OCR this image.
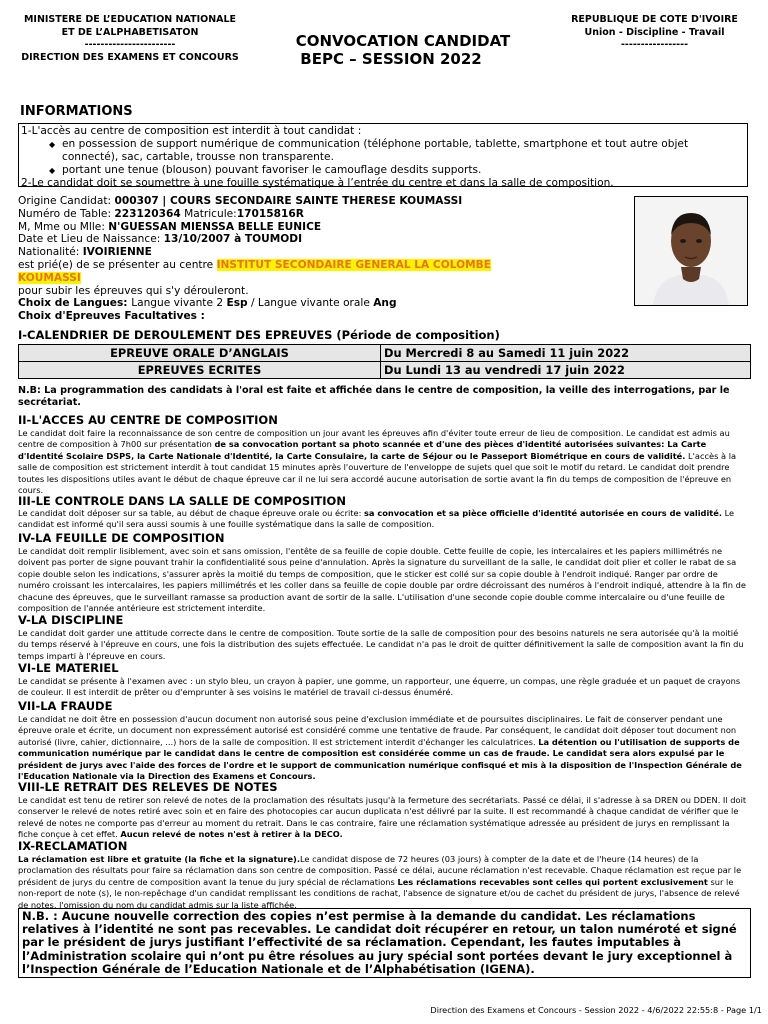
MINISTERE DE L’EDUCATION NATIONALE
ET DE L’ALPHABETISATON
-----------------------
DIRECTION DES EXAMENS ET CONCOURS
CONVOCATION CANDIDAT
BEPC – SESSION 2022
REPUBLIQUE DE COTE D'IVOIRE
Union - Discipline - Travail
-----------------
INFORMATIONS
1-L'accès au centre de composition est interdit à tout candidat :
◆ en possession de support numérique de communication (téléphone portable, tablette, smartphone et tout autre objet connecté), sac, cartable, trousse non transparente.
◆ portant une tenue (blouson) pouvant favoriser le camouflage desdits supports.
2-Le candidat doit se soumettre à une fouille systématique à l’entrée du centre et dans la salle de composition.
Origine Candidat: 000307 | COURS SECONDAIRE SAINTE THERESE KOUMASSI
Numéro de Table: 223120364 Matricule:17015816R
M, Mme ou Mlle: N'GUESSAN MIENSSA BELLE EUNICE
Date et Lieu de Naissance: 13/10/2007 à TOUMODI
Nationalité: IVOIRIENNE
est prié(e) de se présenter au centre INSTITUT SECONDAIRE GENERAL LA COLOMBE
KOUMASSI
pour subir les épreuves qui s'y dérouleront.
Choix de Langues: Langue vivante 2 Esp / Langue vivante orale Ang
Choix d'Epreuves Facultatives :
I-CALENDRIER DE DEROULEMENT DES EPREUVES (Période de composition)
EPREUVE ORALE D’ANGLAIS	Du Mercredi 8 au Samedi 11 juin 2022
EPREUVES ECRITES	Du Lundi 13 au vendredi 17 juin 2022
N.B: La programmation des candidats à l'oral est faite et affichée dans le centre de composition, la veille des interrogations, par le secrétariat.
II-L'ACCES AU CENTRE DE COMPOSITION
Le candidat doit faire la reconnaissance de son centre de composition un jour avant les épreuves afin d'éviter toute erreur de lieu de composition. Le candidat est admis au centre de composition à 7h00 sur présentation de sa convocation portant sa photo scannée et d'une des pièces d'identité autorisées suivantes: La Carte d'Identité Scolaire DSPS, la Carte Nationale d'Identité, la Carte Consulaire, la carte de Séjour ou le Passeport Biométrique en cours de validité. L'accès à la salle de composition est strictement interdit à tout candidat 15 minutes après l'ouverture de l'enveloppe de sujets quel que soit le motif du retard. Le candidat doit prendre toutes les dispositions utiles avant le début de chaque épreuve car il ne lui sera accordé aucune autorisation de sortie avant la fin du temps de composition de l'épreuve en cours.
III-LE CONTROLE DANS LA SALLE DE COMPOSITION
Le candidat doit déposer sur sa table, au début de chaque épreuve orale ou écrite: sa convocation et sa pièce officielle d'identité autorisée en cours de validité. Le candidat est informé qu'il sera aussi soumis à une fouille systématique dans la salle de composition.
IV-LA FEUILLE DE COMPOSITION
Le candidat doit remplir lisiblement, avec soin et sans omission, l'entête de sa feuille de copie double. Cette feuille de copie, les intercalaires et les papiers millimétrés ne doivent pas porter de signe pouvant trahir la confidentialité sous peine d'annulation. Après la signature du surveillant de la salle, le candidat doit plier et coller le rabat de sa copie double selon les indications, s'assurer après la moitié du temps de composition, que le sticker est collé sur sa copie double à l'endroit indiqué. Ranger par ordre de numéro croissant les intercalaires, les papiers millimétrés et les coller dans sa feuille de copie double par ordre décroissant des numéros à l'endroit indiqué, attendre à la fin de chacune des épreuves, que le surveillant ramasse sa production avant de sortir de la salle. L'utilisation d'une seconde copie double comme intercalaire ou d'une feuille de composition de l'année antérieure est strictement interdite.
V-LA DISCIPLINE
Le candidat doit garder une attitude correcte dans le centre de composition. Toute sortie de la salle de composition pour des besoins naturels ne sera autorisée qu'à la moitié du temps réservé à l'épreuve en cours, une fois la distribution des sujets effectuée. Le candidat n'a pas le droit de quitter définitivement la salle de composition avant la fin du temps imparti à l'épreuve en cours.
VI-LE MATERIEL
Le candidat se présente à l'examen avec : un stylo bleu, un crayon à papier, une gomme, un rapporteur, une équerre, un compas, une règle graduée et un paquet de crayons de couleur. Il est interdit de prêter ou d'emprunter à ses voisins le matériel de travail ci-dessus énuméré.
VII-LA FRAUDE
Le candidat ne doit être en possession d'aucun document non autorisé sous peine d'exclusion immédiate et de poursuites disciplinaires. Le fait de conserver pendant une épreuve orale et écrite, un document non expressément autorisé est considéré comme une tentative de fraude. Par conséquent, le candidat doit déposer tout document non autorisé (livre, cahier, dictionnaire, ...) hors de la salle de composition. Il est strictement interdit d'échanger les calculatrices. La détention ou l'utilisation de supports de communication numérique par le candidat dans le centre de composition est considérée comme un cas de fraude. Le candidat sera alors expulsé par le président de jurys avec l'aide des forces de l'ordre et le support de communication numérique confisqué et mis à la disposition de l'Inspection Générale de l'Education Nationale via la Direction des Examens et Concours.
VIII-LE RETRAIT DES RELEVES DE NOTES
Le candidat est tenu de retirer son relevé de notes de la proclamation des résultats jusqu'à la fermeture des secrétariats. Passé ce délai, il s'adresse à sa DREN ou DDEN. Il doit conserver le relevé de notes retiré avec soin et en faire des photocopies car aucun duplicata n'est délivré par la suite. Il est recommandé à chaque candidat de vérifier que le relevé de notes ne comporte pas d'erreur au moment du retrait. Dans le cas contraire, faire une réclamation systématique adressée au président de jurys en remplissant la fiche conçue à cet effet. Aucun relevé de notes n'est à retirer à la DECO.
IX-RECLAMATION
La réclamation est libre et gratuite (la fiche et la signature).Le candidat dispose de 72 heures (03 jours) à compter de la date et de l'heure (14 heures) de la proclamation des résultats pour faire sa réclamation dans son centre de composition. Passé ce délai, aucune réclamation n'est recevable. Chaque réclamation est reçue par le président de jurys du centre de composition avant la tenue du jury spécial de réclamations Les réclamations recevables sont celles qui portent exclusivement sur le non-report de note (s), le non-repêchage d'un candidat remplissant les conditions de rachat, l'absence de signature et/ou de cachet du président de jurys, l'absence de relevé de notes, l'omission du nom du candidat admis sur la liste affichée.
N.B. : Aucune nouvelle correction des copies n’est permise à la demande du candidat. Les réclamations relatives à l’identité ne sont pas recevables. Le candidat doit récupérer en retour, un talon numéroté et signé par le président de jurys justifiant l’effectivité de sa réclamation. Cependant, les fautes imputables à l’Administration scolaire qui n’ont pu être résolues au jury spécial sont portées devant le jury exceptionnel à l’Inspection Générale de l’Education Nationale et de l’Alphabétisation (IGENA).
Direction des Examens et Concours - Session 2022 - 4/6/2022 22:55:8 - Page 1/1
